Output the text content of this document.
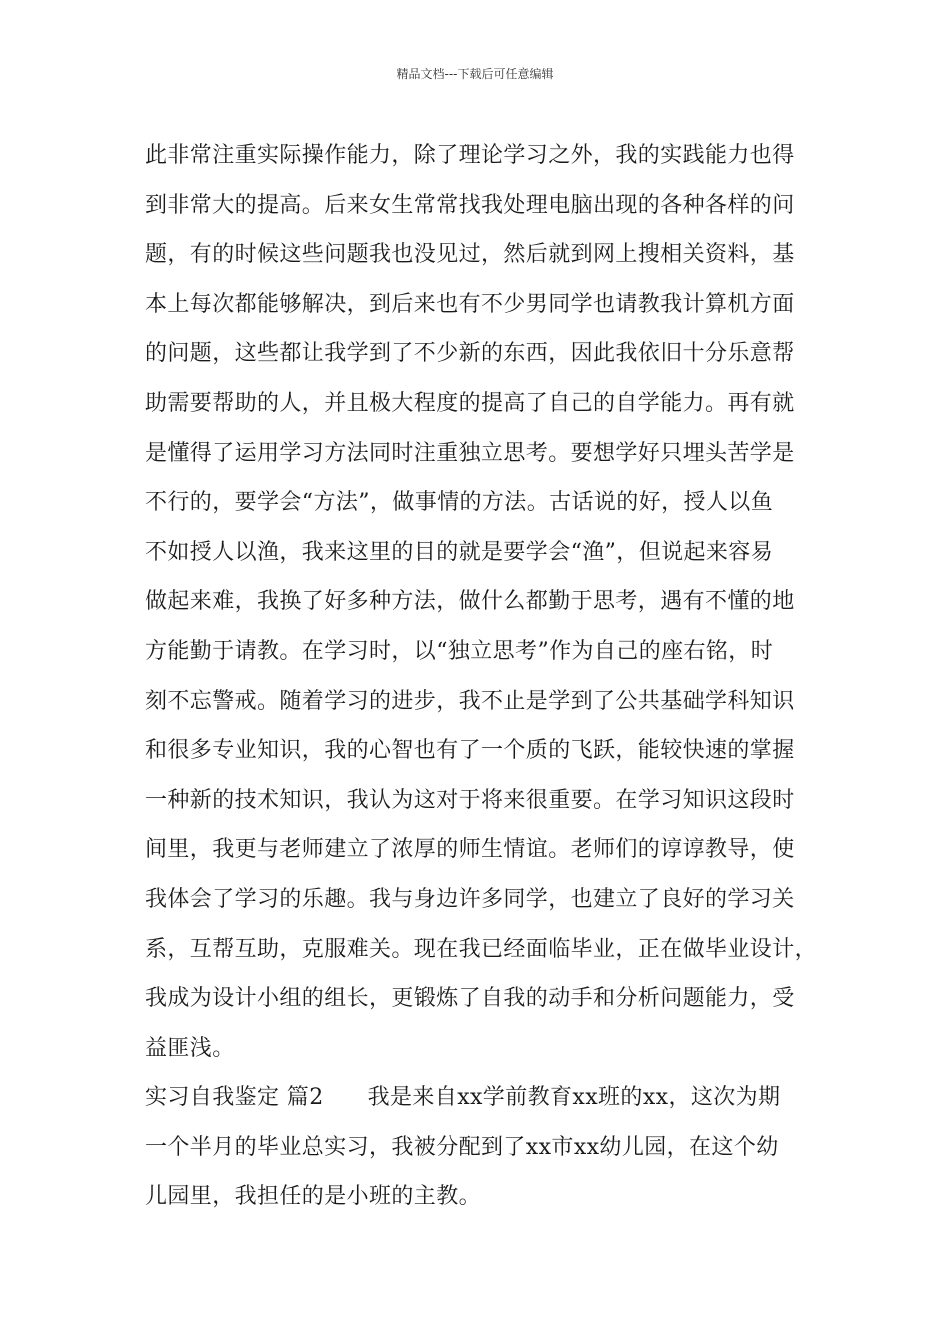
精品文档---下载后可任意编辑
此非常注重实际操作能力，除了理论学习之外，我的实践能力也得
到非常大的提高。后来女生常常找我处理电脑出现的各种各样的问
题，有的时候这些问题我也没见过，然后就到网上搜相关资料，基
本上每次都能够解决，到后来也有不少男同学也请教我计算机方面
的问题，这些都让我学到了不少新的东西，因此我依旧十分乐意帮
助需要帮助的人，并且极大程度的提高了自己的自学能力。再有就
是懂得了运用学习方法同时注重独立思考。要想学好只埋头苦学是
不行的，要学会“方法”，做事情的方法。古话说的好，授人以鱼
不如授人以渔，我来这里的目的就是要学会“渔”，但说起来容易
做起来难，我换了好多种方法，做什么都勤于思考，遇有不懂的地
方能勤于请教。在学习时，以“独立思考”作为自己的座右铭，时
刻不忘警戒。随着学习的进步，我不止是学到了公共基础学科知识
和很多专业知识，我的心智也有了一个质的飞跃，能较快速的掌握
一种新的技术知识，我认为这对于将来很重要。在学习知识这段时
间里，我更与老师建立了浓厚的师生情谊。老师们的谆谆教导，使
我体会了学习的乐趣。我与身边许多同学，也建立了良好的学习关
系，互帮互助，克服难关。现在我已经面临毕业，正在做毕业设计，
我成为设计小组的组长，更锻炼了自我的动手和分析问题能力，受
益匪浅。
实习自我鉴定 篇2 我是来自xx学前教育xx班的xx，这次为期
一个半月的毕业总实习，我被分配到了xx市xx幼儿园，在这个幼
儿园里，我担任的是小班的主教。
